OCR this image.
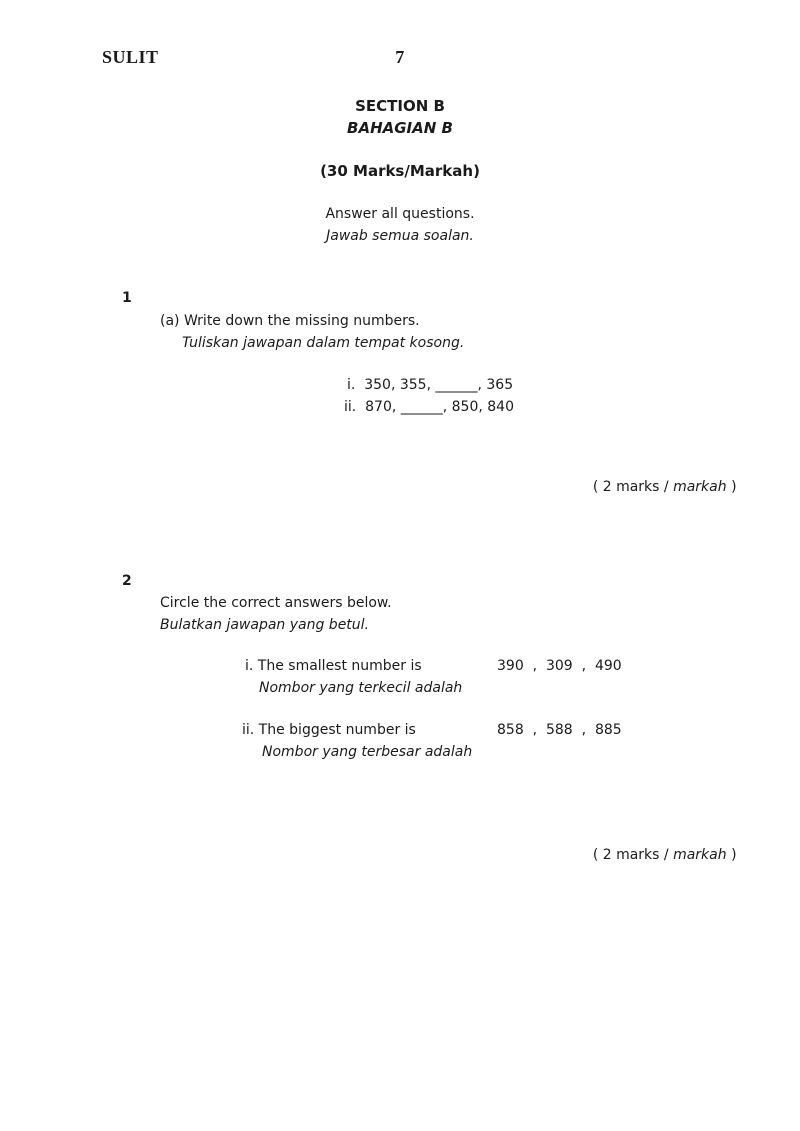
SULIT	7
SECTION B
BAHAGIAN B
(30 Marks/Markah)
Answer all questions.
Jawab semua soalan.
1
(a) Write down the missing numbers.
Tuliskan jawapan dalam tempat kosong.
i.  350, 355, ______, 365
ii.  870, ______, 850, 840

( 2 marks / markah )

2
Circle the correct answers below.
Bulatkan jawapan yang betul.
i. The smallest number is	390  ,  309  ,  490
Nombor yang terkecil adalah
ii. The biggest number is	858  ,  588  ,  885
Nombor yang terbesar adalah

( 2 marks / markah )
